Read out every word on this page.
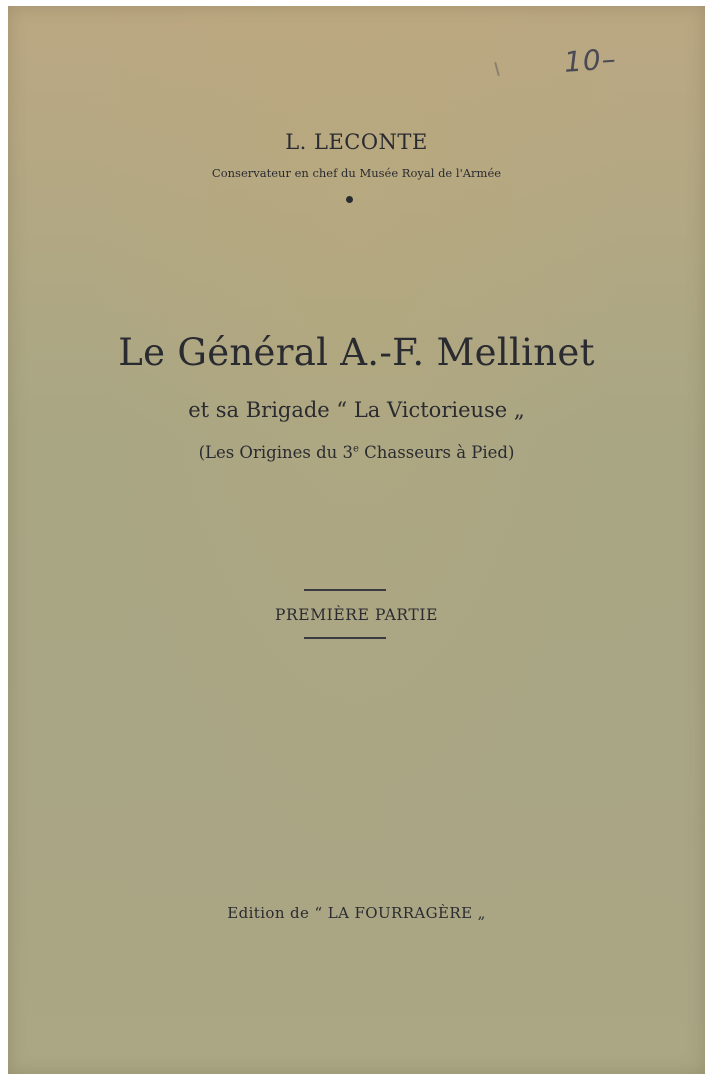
10–
L. LECONTE
Conservateur en chef du Musée Royal de l'Armée
Le Général A.-F. Mellinet
et sa Brigade “ La Victorieuse „
(Les Origines du 3e Chasseurs à Pied)
PREMIÈRE PARTIE
Edition de “ LA FOURRAGÈRE „
